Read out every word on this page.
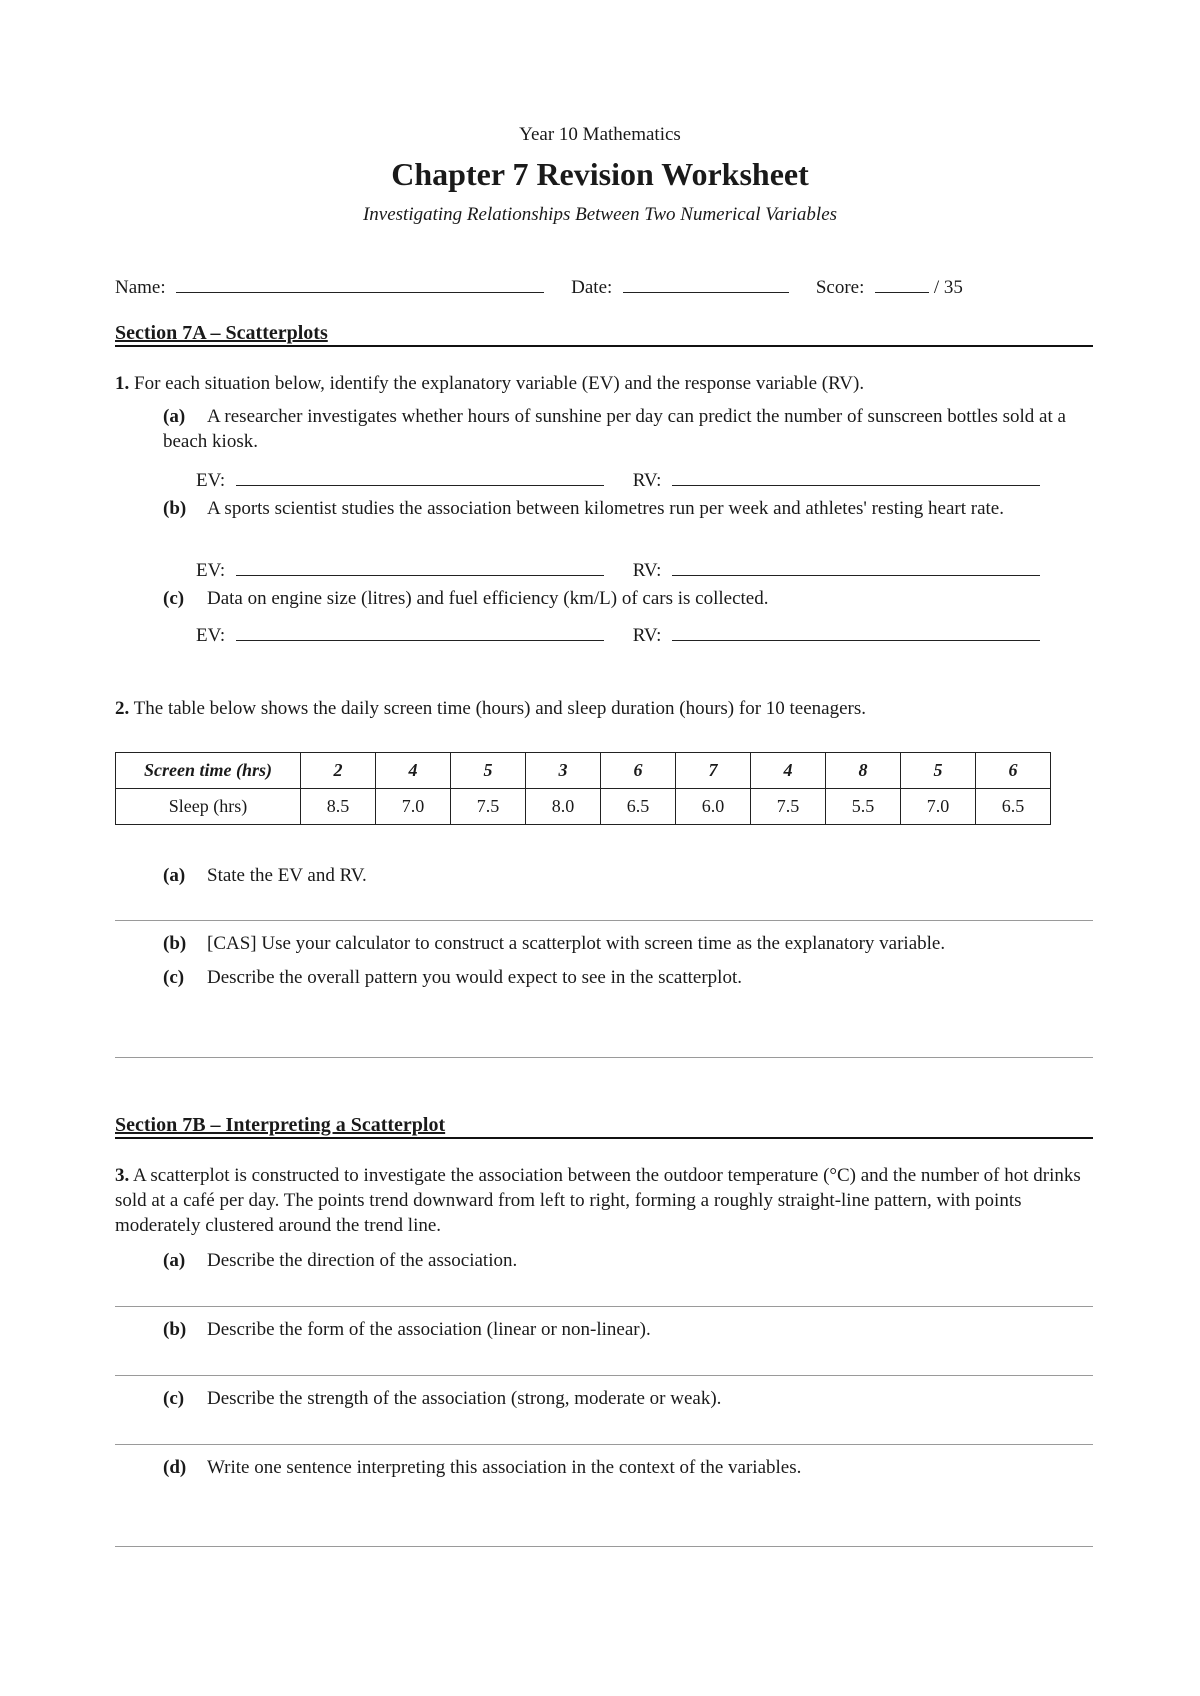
Year 10 Mathematics
Chapter 7 Revision Worksheet
Investigating Relationships Between Two Numerical Variables
Name:	Date:	Score:	/ 35
Section 7A – Scatterplots
1. For each situation below, identify the explanatory variable (EV) and the response variable (RV).
(a) A researcher investigates whether hours of sunshine per day can predict the number of sunscreen bottles sold at a beach kiosk.
EV:	RV:
(b) A sports scientist studies the association between kilometres run per week and athletes' resting heart rate.
EV:	RV:
(c) Data on engine size (litres) and fuel efficiency (km/L) of cars is collected.
EV:	RV:
2. The table below shows the daily screen time (hours) and sleep duration (hours) for 10 teenagers.
Screen time (hrs)	2	4	5	3	6	7	4	8	5	6
Sleep (hrs)	8.5	7.0	7.5	8.0	6.5	6.0	7.5	5.5	7.0	6.5
(a) State the EV and RV.
(b) [CAS] Use your calculator to construct a scatterplot with screen time as the explanatory variable.
(c) Describe the overall pattern you would expect to see in the scatterplot.
Section 7B – Interpreting a Scatterplot
3. A scatterplot is constructed to investigate the association between the outdoor temperature (°C) and the number of hot drinks sold at a café per day. The points trend downward from left to right, forming a roughly straight-line pattern, with points moderately clustered around the trend line.
(a) Describe the direction of the association.
(b) Describe the form of the association (linear or non-linear).
(c) Describe the strength of the association (strong, moderate or weak).
(d) Write one sentence interpreting this association in the context of the variables.
